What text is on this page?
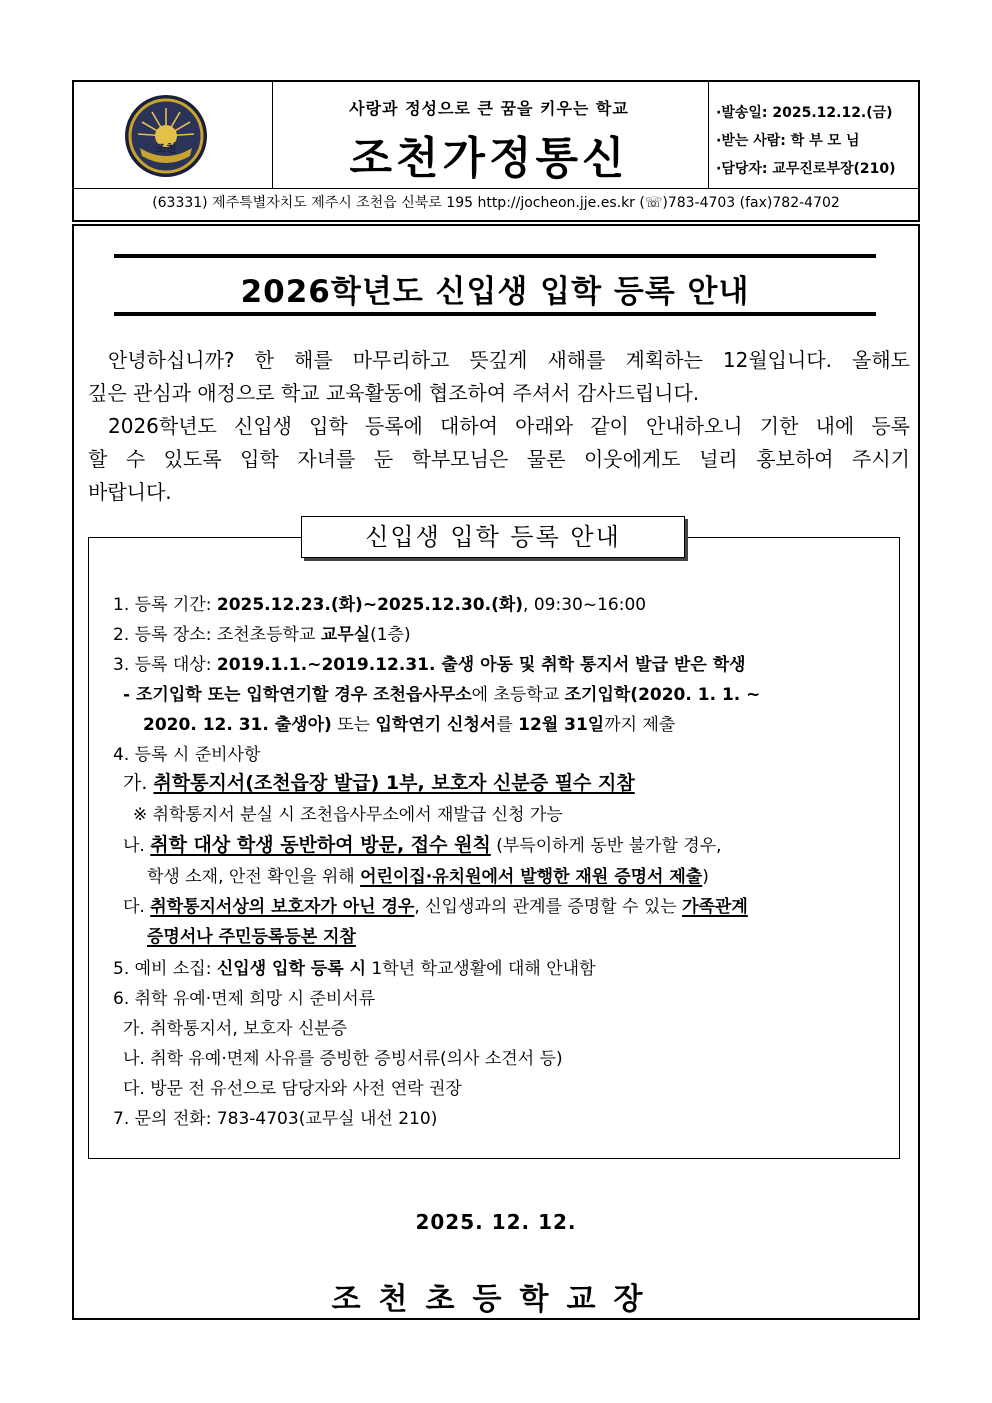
조천
사랑과 정성으로 큰 꿈을 키우는 학교
조천가정통신
·발송일: 2025.12.12.(금)
·받는 사람: 학 부 모 님
·담당자: 교무진로부장(210)
(63331) 제주특별자치도 제주시 조천읍 신북로 195 http://jocheon.jje.es.kr (☏)783-4703 (fax)782-4702
2026학년도 신입생 입학 등록 안내
안녕하십니까? 한 해를 마무리하고 뜻깊게 새해를 계획하는 12월입니다. 올해도
깊은 관심과 애정으로 학교 교육활동에 협조하여 주셔서 감사드립니다.
2026학년도 신입생 입학 등록에 대하여 아래와 같이 안내하오니 기한 내에 등록
할 수 있도록 입학 자녀를 둔 학부모님은 물론 이웃에게도 널리 홍보하여 주시기
바랍니다.
1. 등록 기간: 2025.12.23.(화)~2025.12.30.(화), 09:30~16:00
2. 등록 장소: 조천초등학교 교무실(1층)
3. 등록 대상: 2019.1.1.~2019.12.31. 출생 아동 및 취학 통지서 발급 받은 학생
- 조기입학 또는 입학연기할 경우 조천읍사무소에 초등학교 조기입학(2020. 1. 1. ~
2020. 12. 31. 출생아) 또는 입학연기 신청서를 12월 31일까지 제출
4. 등록 시 준비사항
가. 취학통지서(조천읍장 발급) 1부, 보호자 신분증 필수 지참
※ 취학통지서 분실 시 조천읍사무소에서 재발급 신청 가능
나. 취학 대상 학생 동반하여 방문, 접수 원칙 (부득이하게 동반 불가할 경우,
학생 소재, 안전 확인을 위해 어린이집·유치원에서 발행한 재원 증명서 제출)
다. 취학통지서상의 보호자가 아닌 경우, 신입생과의 관계를 증명할 수 있는 가족관계
증명서나 주민등록등본 지참
5. 예비 소집: 신입생 입학 등록 시 1학년 학교생활에 대해 안내함
6. 취학 유예·면제 희망 시 준비서류
가. 취학통지서, 보호자 신분증
나. 취학 유예·면제 사유를 증빙한 증빙서류(의사 소견서 등)
다. 방문 전 유선으로 담당자와 사전 연락 권장
7. 문의 전화: 783-4703(교무실 내선 210)
신입생 입학 등록 안내
2025. 12. 12.
조천초등학교장
